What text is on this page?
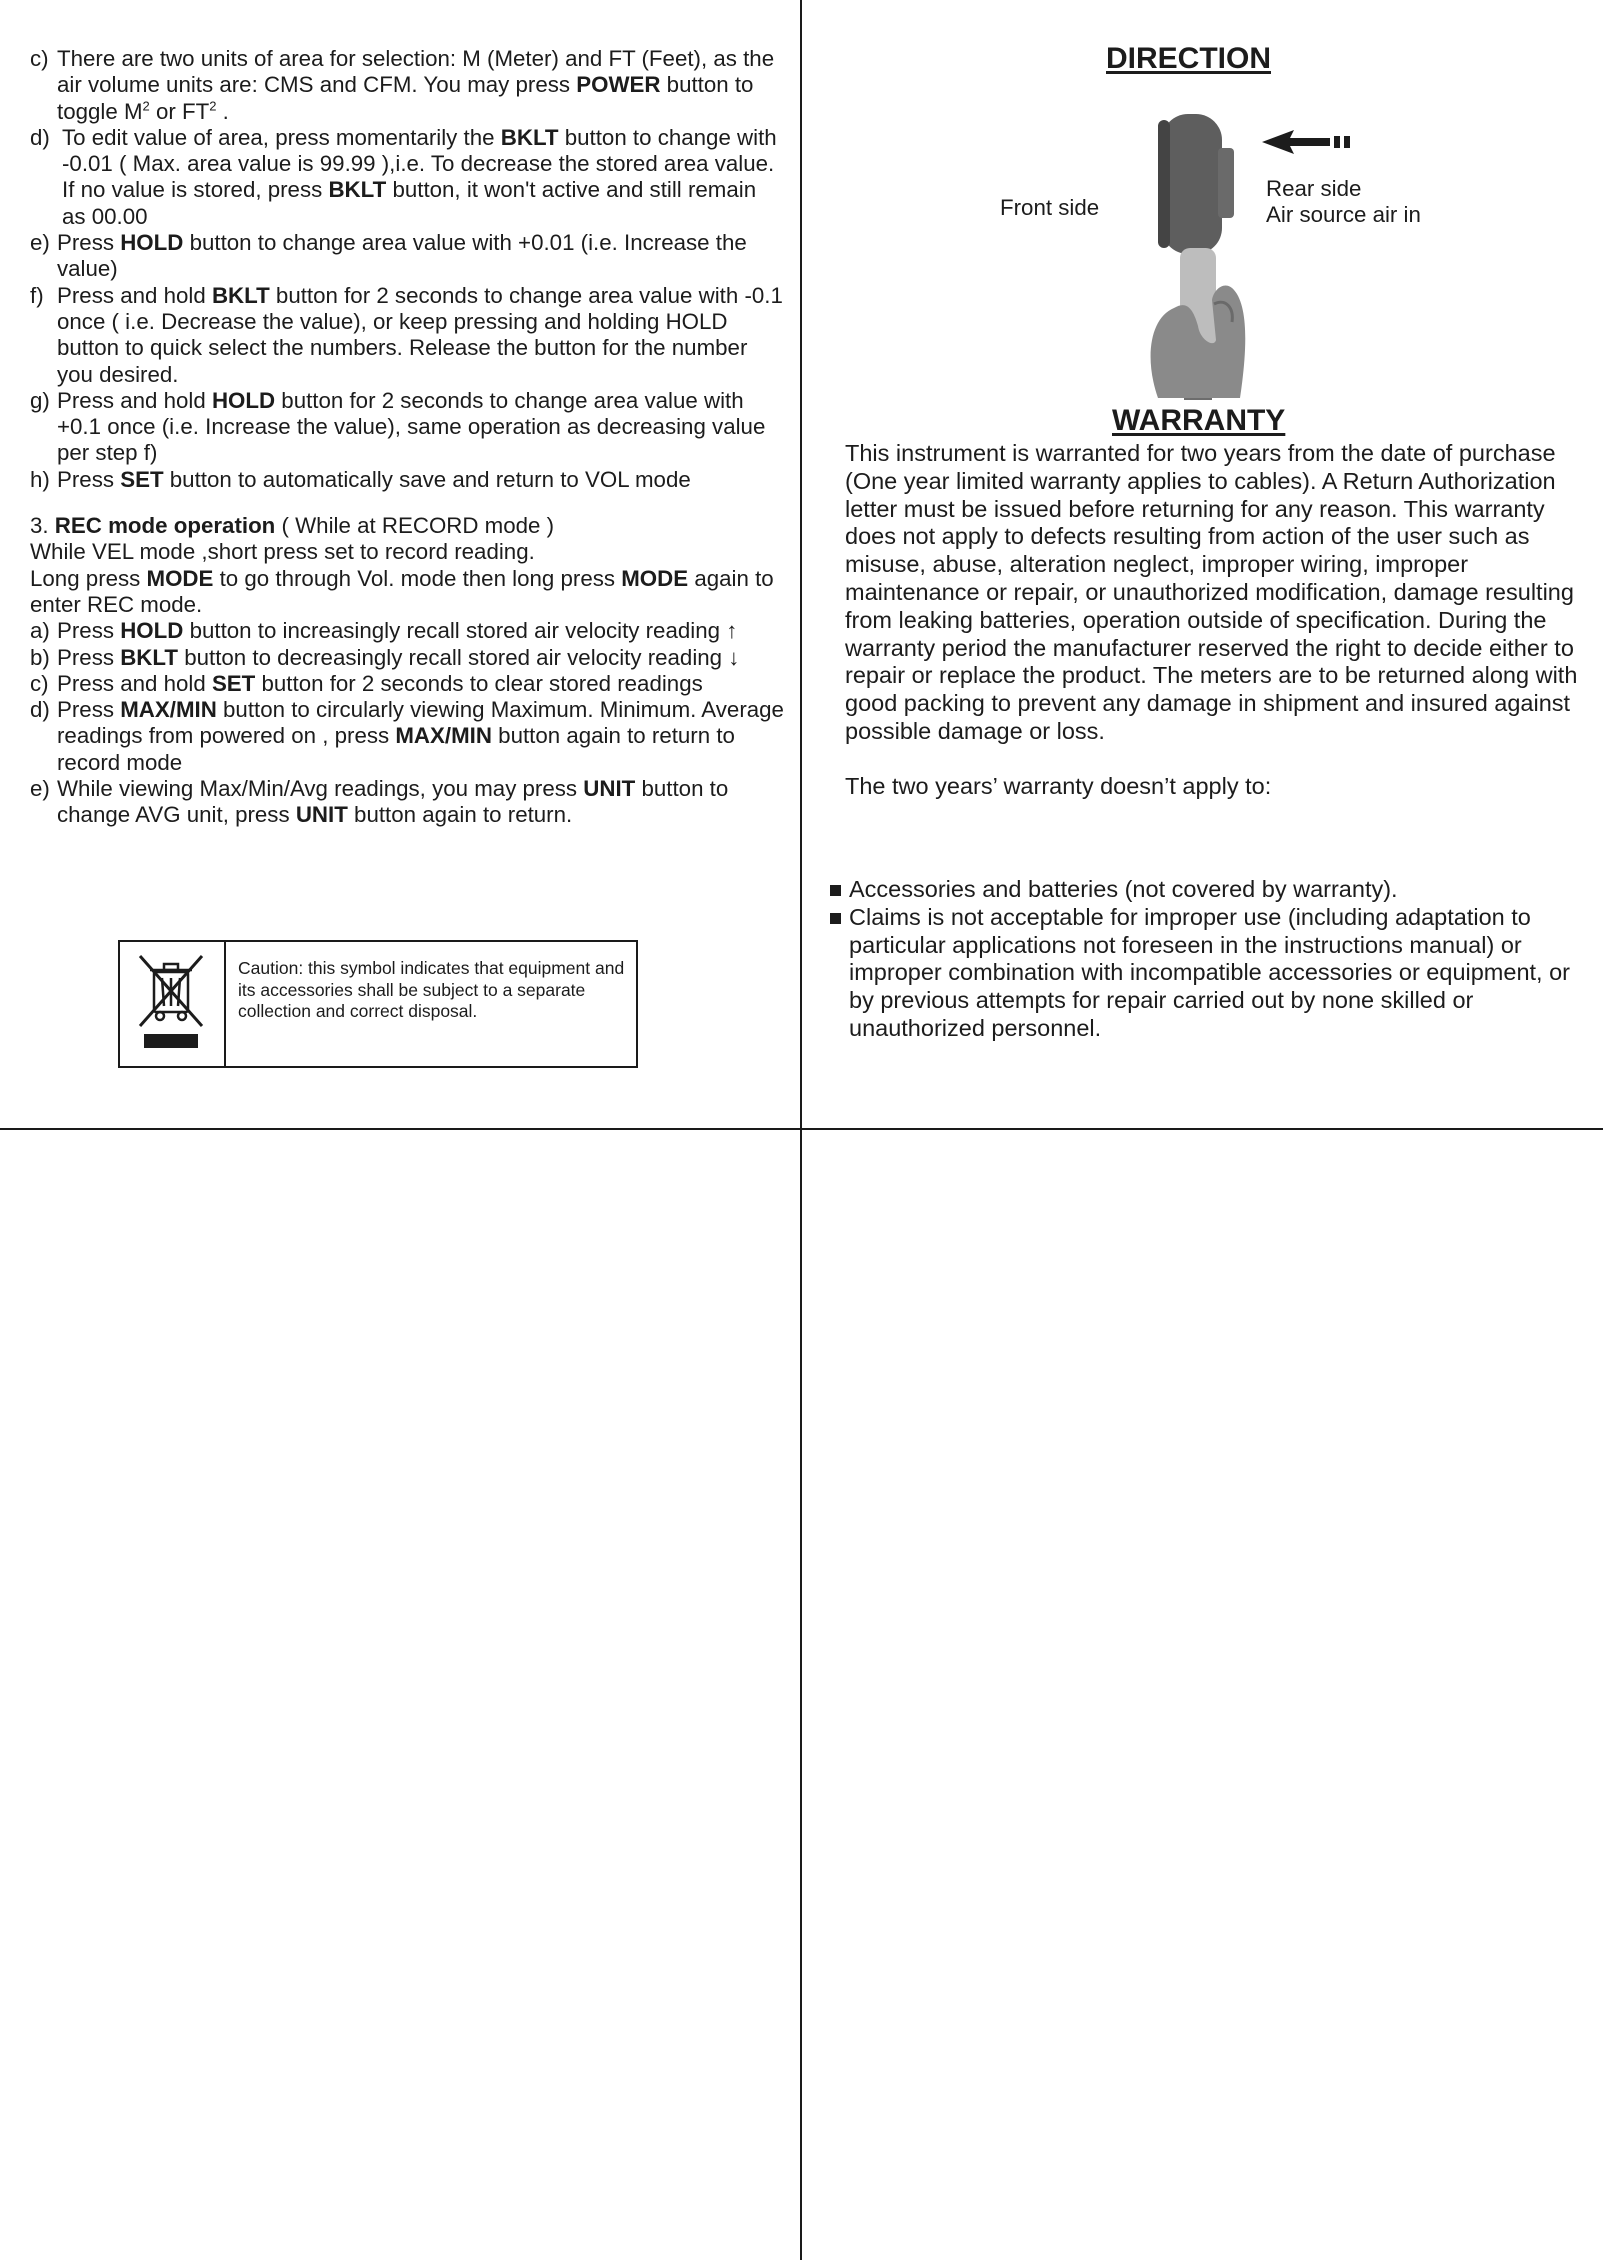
c) There are two units of area for selection: M (Meter) and FT (Feet), as the air volume units are: CMS and CFM. You may press POWER button to toggle $M^2$ or $FT^2$ .
d) To edit value of area, press momentarily the BKLT button to change with -0.01 ( Max. area value is 99.99 ),i.e. To decrease the stored area value. If no value is stored, press BKLT button, it won't active and still remain as 00.00
e) Press HOLD button to change area value with +0.01 (i.e. Increase the value)
f) Press and hold BKLT button for 2 seconds to change area value with -0.1 once ( i.e. Decrease the value), or keep pressing and holding HOLD button to quick select the numbers. Release the button for the number you desired.
g) Press and hold HOLD button for 2 seconds to change area value with +0.1 once (i.e. Increase the value), same operation as decreasing value per step f)
h) Press SET button to automatically save and return to VOL mode
3. REC mode operation ( While at RECORD mode )
While VEL mode ,short press set to record reading.
Long press MODE to go through Vol. mode then long press MODE again to enter REC mode.
a) Press HOLD button to increasingly recall stored air velocity reading ↑
b) Press BKLT button to decreasingly recall stored air velocity reading ↓
c) Press and hold SET button for 2 seconds to clear stored readings
d) Press MAX/MIN button to circularly viewing Maximum. Minimum. Average readings from powered on , press MAX/MIN button again to return to record mode
e) While viewing Max/Min/Avg readings, you may press UNIT button to change AVG unit, press UNIT button again to return.
Caution: this symbol indicates that equipment and its accessories shall be subject to a separate collection and correct disposal.
DIRECTION
Front side
Rear side
Air source air in
WARRANTY

This instrument is warranted for two years from the date of purchase (One year limited warranty applies to cables). A Return Authorization letter must be issued before returning for any reason. This warranty does not apply to defects resulting from action of the user such as misuse, abuse, alteration neglect, improper wiring, improper maintenance or repair, or unauthorized modification, damage resulting from leaking batteries, operation outside of specification. During the warranty period the manufacturer reserved the right to decide either to repair or replace the product. The meters are to be returned along with good packing to prevent any damage in shipment and insured against possible damage or loss.

The two years’ warranty doesn’t apply to:

Accessories and batteries (not covered by warranty).
Claims is not acceptable for improper use (including adaptation to particular applications not foreseen in the instructions manual) or improper combination with incompatible accessories or equipment, or by previous attempts for repair carried out by none skilled or unauthorized personnel.
